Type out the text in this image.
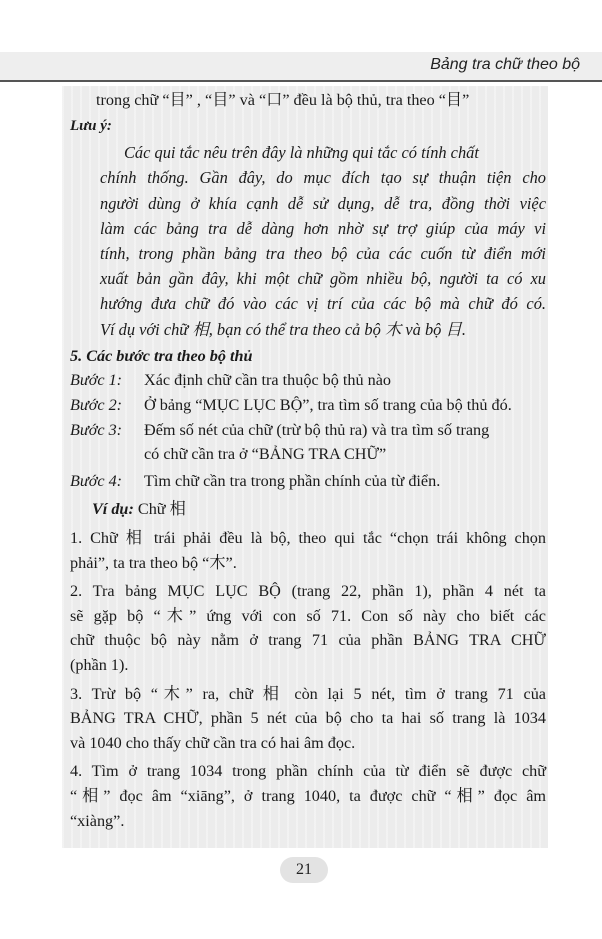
Bảng tra chữ theo bộ
trong chữ “目” , “目” và “口” đều là bộ thủ, tra theo “目”
Lưu ý:
Các qui tắc nêu trên đây là những qui tắc có tính chất
chính thống. Gần đây, do mục đích tạo sự thuận tiện cho
người dùng ở khía cạnh dễ sử dụng, dễ tra, đồng thời việc
làm các bảng tra dễ dàng hơn nhờ sự trợ giúp của máy vi
tính, trong phần bảng tra theo bộ của các cuốn từ điển mới
xuất bản gần đây, khi một chữ gồm nhiều bộ, người ta có xu
hướng đưa chữ đó vào các vị trí của các bộ mà chữ đó có.
Ví dụ với chữ 相, bạn có thể tra theo cả bộ 木 và bộ 目.
5. Các bước tra theo bộ thủ
Bước 1:	Xác định chữ cần tra thuộc bộ thủ nào
Bước 2:	Ở bảng “MỤC LỤC BỘ”, tra tìm số trang của bộ thủ đó.
Bước 3:	Đếm số nét của chữ (trừ bộ thủ ra) và tra tìm số trang
có chữ cần tra ở “BẢNG TRA CHỮ”
Bước 4:	Tìm chữ cần tra trong phần chính của từ điển.
Ví dụ: Chữ 相
1. Chữ 相 trái phải đều là bộ, theo qui tắc “chọn trái không chọn
phải”, ta tra theo bộ “木”.
2. Tra bảng MỤC LỤC BỘ (trang 22, phần 1), phần 4 nét ta
sẽ gặp bộ “木” ứng với con số 71. Con số này cho biết các
chữ thuộc bộ này nằm ở trang 71 của phần BẢNG TRA CHỮ
(phần 1).
3. Trừ bộ “木” ra, chữ 相 còn lại 5 nét, tìm ở trang 71 của
BẢNG TRA CHỮ, phần 5 nét của bộ cho ta hai số trang là 1034
và 1040 cho thấy chữ cần tra có hai âm đọc.
4. Tìm ở trang 1034 trong phần chính của từ điển sẽ được chữ
“相” đọc âm “xiāng”, ở trang 1040, ta được chữ “相” đọc âm
“xiàng”.
21
